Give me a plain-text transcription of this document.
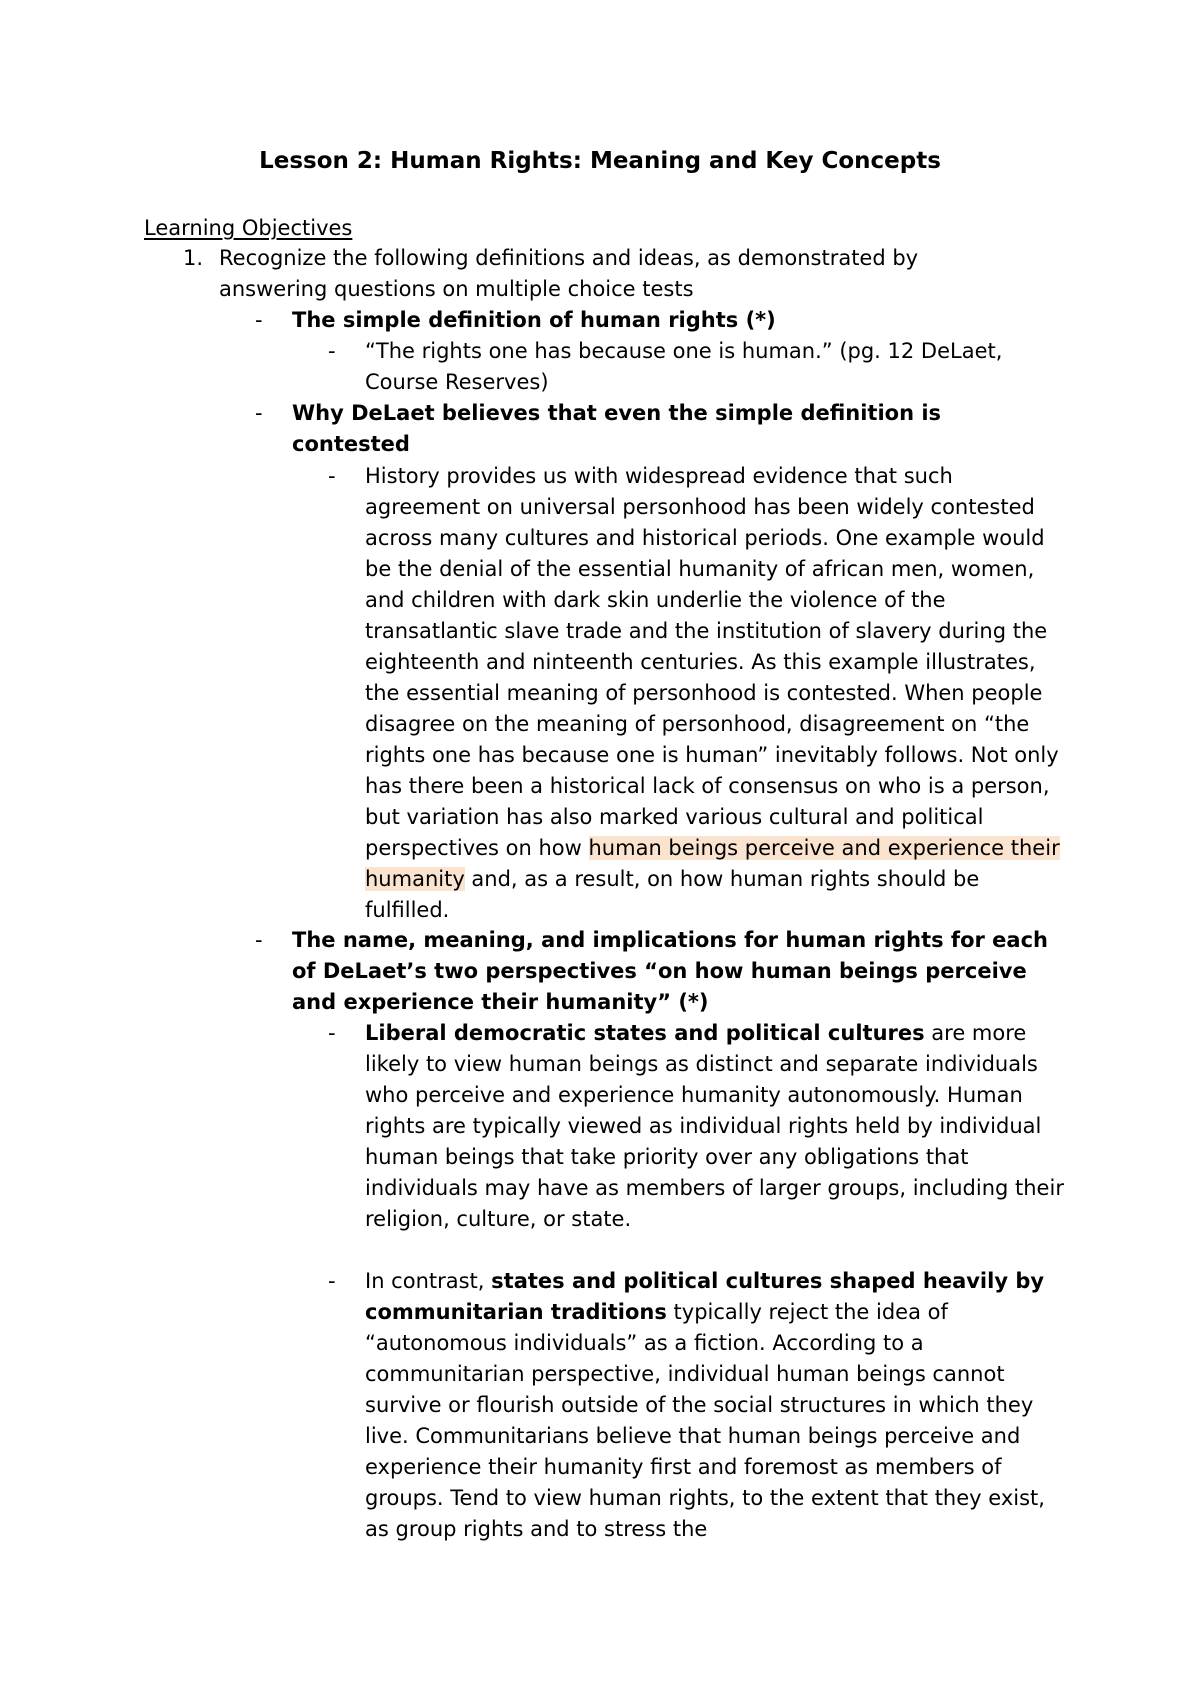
Lesson 2: Human Rights: Meaning and Key Concepts
Learning Objectives
1. Recognize the following definitions and ideas, as demonstrated by answering questions on multiple choice tests
- The simple definition of human rights (*)
- “The rights one has because one is human.” (pg. 12 DeLaet, Course Reserves)
- Why DeLaet believes that even the simple definition is contested
- History provides us with widespread evidence that such agreement on universal personhood has been widely contested across many cultures and historical periods. One example would be the denial of the essential humanity of african men, women, and children with dark skin underlie the violence of the transatlantic slave trade and the institution of slavery during the eighteenth and ninteenth centuries. As this example illustrates, the essential meaning of personhood is contested. When people disagree on the meaning of personhood, disagreement on “the rights one has because one is human” inevitably follows. Not only has there been a historical lack of consensus on who is a person, but variation has also marked various cultural and political perspectives on how human beings perceive and experience their humanity and, as a result, on how human rights should be fulfilled.
- The name, meaning, and implications for human rights for each of DeLaet’s two perspectives “on how human beings perceive and experience their humanity” (*)
- Liberal democratic states and political cultures are more likely to view human beings as distinct and separate individuals who perceive and experience humanity autonomously. Human rights are typically viewed as individual rights held by individual human beings that take priority over any obligations that individuals may have as members of larger groups, including their religion, culture, or state.
- In contrast, states and political cultures shaped heavily by communitarian traditions typically reject the idea of “autonomous individuals” as a fiction. According to a communitarian perspective, individual human beings cannot survive or flourish outside of the social structures in which they live. Communitarians believe that human beings perceive and experience their humanity first and foremost as members of groups. Tend to view human rights, to the extent that they exist, as group rights and to stress the
